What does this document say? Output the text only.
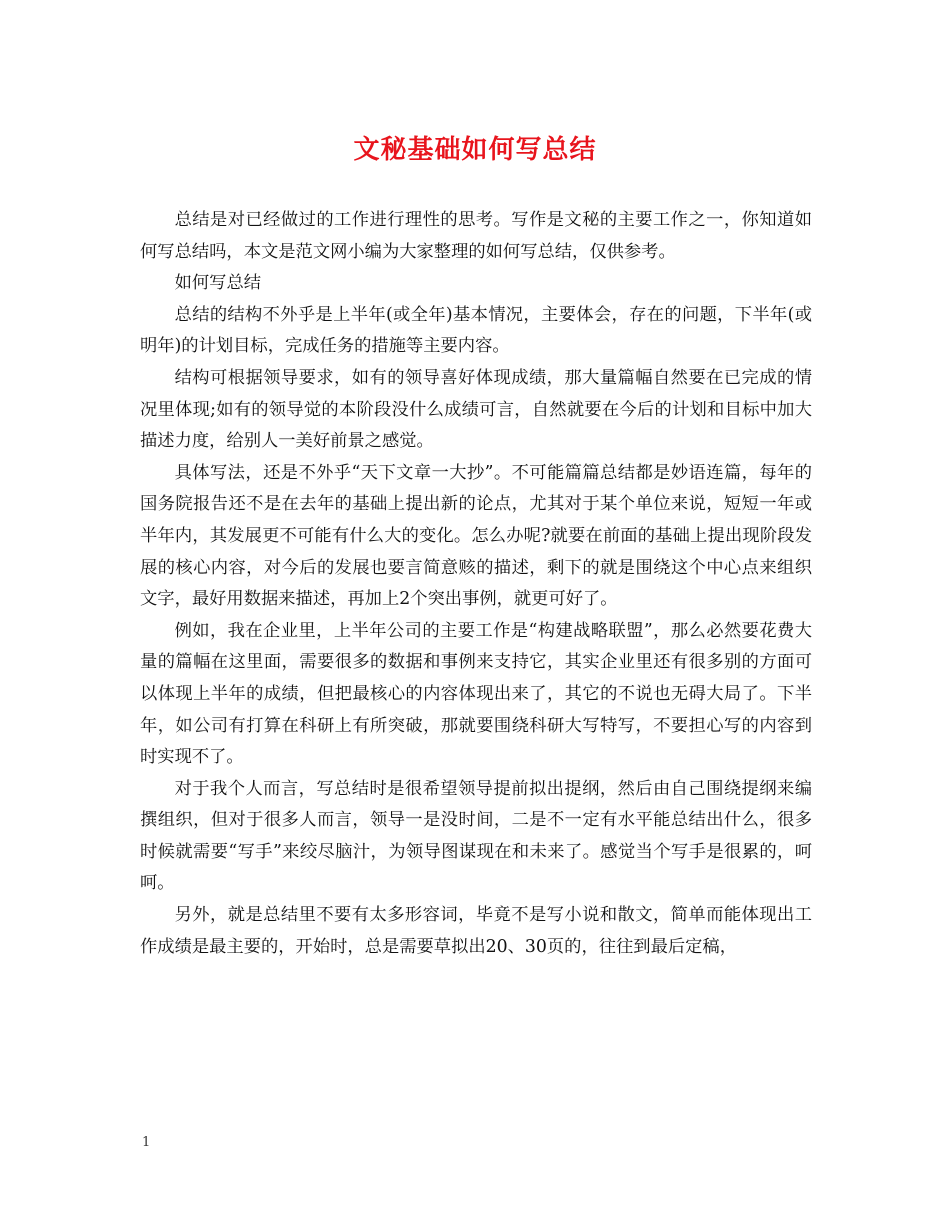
文秘基础如何写总结

总结是对已经做过的工作进行理性的思考。写作是文秘的主要工作之一，你知道如何写总结吗，本文是范文网小编为大家整理的如何写总结，仅供参考。

如何写总结

总结的结构不外乎是上半年(或全年)基本情况，主要体会，存在的问题，下半年(或明年)的计划目标，完成任务的措施等主要内容。

结构可根据领导要求，如有的领导喜好体现成绩，那大量篇幅自然要在已完成的情况里体现;如有的领导觉的本阶段没什么成绩可言，自然就要在今后的计划和目标中加大描述力度，给别人一美好前景之感觉。

具体写法，还是不外乎“天下文章一大抄”。不可能篇篇总结都是妙语连篇，每年的国务院报告还不是在去年的基础上提出新的论点，尤其对于某个单位来说，短短一年或半年内，其发展更不可能有什么大的变化。怎么办呢?就要在前面的基础上提出现阶段发展的核心内容，对今后的发展也要言简意赅的描述，剩下的就是围绕这个中心点来组织文字，最好用数据来描述，再加上2个突出事例，就更可好了。

例如，我在企业里，上半年公司的主要工作是“构建战略联盟”，那么必然要花费大量的篇幅在这里面，需要很多的数据和事例来支持它，其实企业里还有很多别的方面可以体现上半年的成绩，但把最核心的内容体现出来了，其它的不说也无碍大局了。下半年，如公司有打算在科研上有所突破，那就要围绕科研大写特写，不要担心写的内容到时实现不了。

对于我个人而言，写总结时是很希望领导提前拟出提纲，然后由自己围绕提纲来编撰组织，但对于很多人而言，领导一是没时间，二是不一定有水平能总结出什么，很多时候就需要“写手”来绞尽脑汁，为领导图谋现在和未来了。感觉当个写手是很累的，呵呵。

另外，就是总结里不要有太多形容词，毕竟不是写小说和散文，简单而能体现出工作成绩是最主要的，开始时，总是需要草拟出20、30页的，往往到最后定稿，

1
